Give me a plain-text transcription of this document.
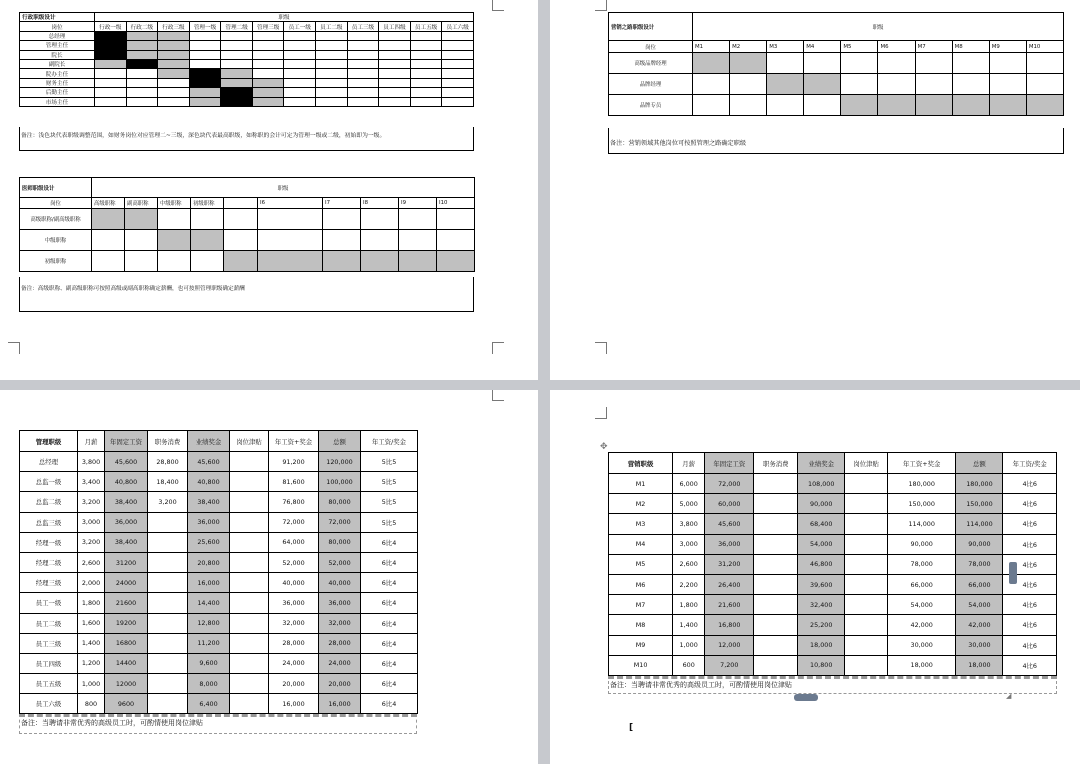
行政职级设计	职级											
岗位	行政一级	行政二级	行政三级	管理一级	管理二级	管理三级	员工一级	员工二级	员工三级	员工四级	员工五级	员工六级
总经理												
管理主任												
院长												
副院长												
院办主任												
财务主任												
后勤主任												
市场主任												
备注：浅色块代表职级调整范围，如财务岗位对应管理二~三级，深色块代表最高职级，如称职的会计可定为管理一级或二级，初始即为一级。
医师职级设计	职级									
岗位	高级职称	副高职称	中级职称	初级职称		I6	I7	I8	I9	I10
高级职称/副高级职称										
中级职称										
初级职称										
备注：高级职称、副高级职称可按照高级或副高职称确定薪酬，也可按照管理职级确定薪酬
营销之路职级设计	职级									
岗位	M1	M2	M3	M4	M5	M6	M7	M8	M9	M10
高级品牌经理										
品牌经理										
品牌专员										
备注：营销领域其他岗位可按照管理之路确定职级
管理职级	月薪	年固定工资	职务消费	业绩奖金	岗位津贴	年工资+奖金	总额	年工资/奖金
总经理	3,800	45,600	28,800	45,600		91,200	120,000	5比5
总监一级	3,400	40,800	18,400	40,800		81,600	100,000	5比5
总监二级	3,200	38,400	3,200	38,400		76,800	80,000	5比5
总监三级	3,000	36,000		36,000		72,000	72,000	5比5
经理一级	3,200	38,400		25,600		64,000	80,000	6比4
经理二级	2,600	31200		20,800		52,000	52,000	6比4
经理三级	2,000	24000		16,000		40,000	40,000	6比4
员工一级	1,800	21600		14,400		36,000	36,000	6比4
员工二级	1,600	19200		12,800		32,000	32,000	6比4
员工三级	1,400	16800		11,200		28,000	28,000	6比4
员工四级	1,200	14400		9,600		24,000	24,000	6比4
员工五级	1,000	12000		8,000		20,000	20,000	6比4
员工六级	800	9600		6,400		16,000	16,000	6比4
备注：当聘请非常优秀的高级员工时，可酌情使用岗位津贴
✥
营销职级	月薪	年固定工资	职务消费	业绩奖金	岗位津贴	年工资+奖金	总额	年工资/奖金
M1	6,000	72,000		108,000		180,000	180,000	4比6
M2	5,000	60,000		90,000		150,000	150,000	4比6
M3	3,800	45,600		68,400		114,000	114,000	4比6
M4	3,000	36,000		54,000		90,000	90,000	4比6
M5	2,600	31,200		46,800		78,000	78,000	4比6
M6	2,200	26,400		39,600		66,000	66,000	4比6
M7	1,800	21,600		32,400		54,000	54,000	4比6
M8	1,400	16,800		25,200		42,000	42,000	4比6
M9	1,000	12,000		18,000		30,000	30,000	4比6
M10	600	7,200		10,800		18,000	18,000	4比6
备注：当聘请非常优秀的高级员工时，可酌情使用岗位津贴
◢
[
